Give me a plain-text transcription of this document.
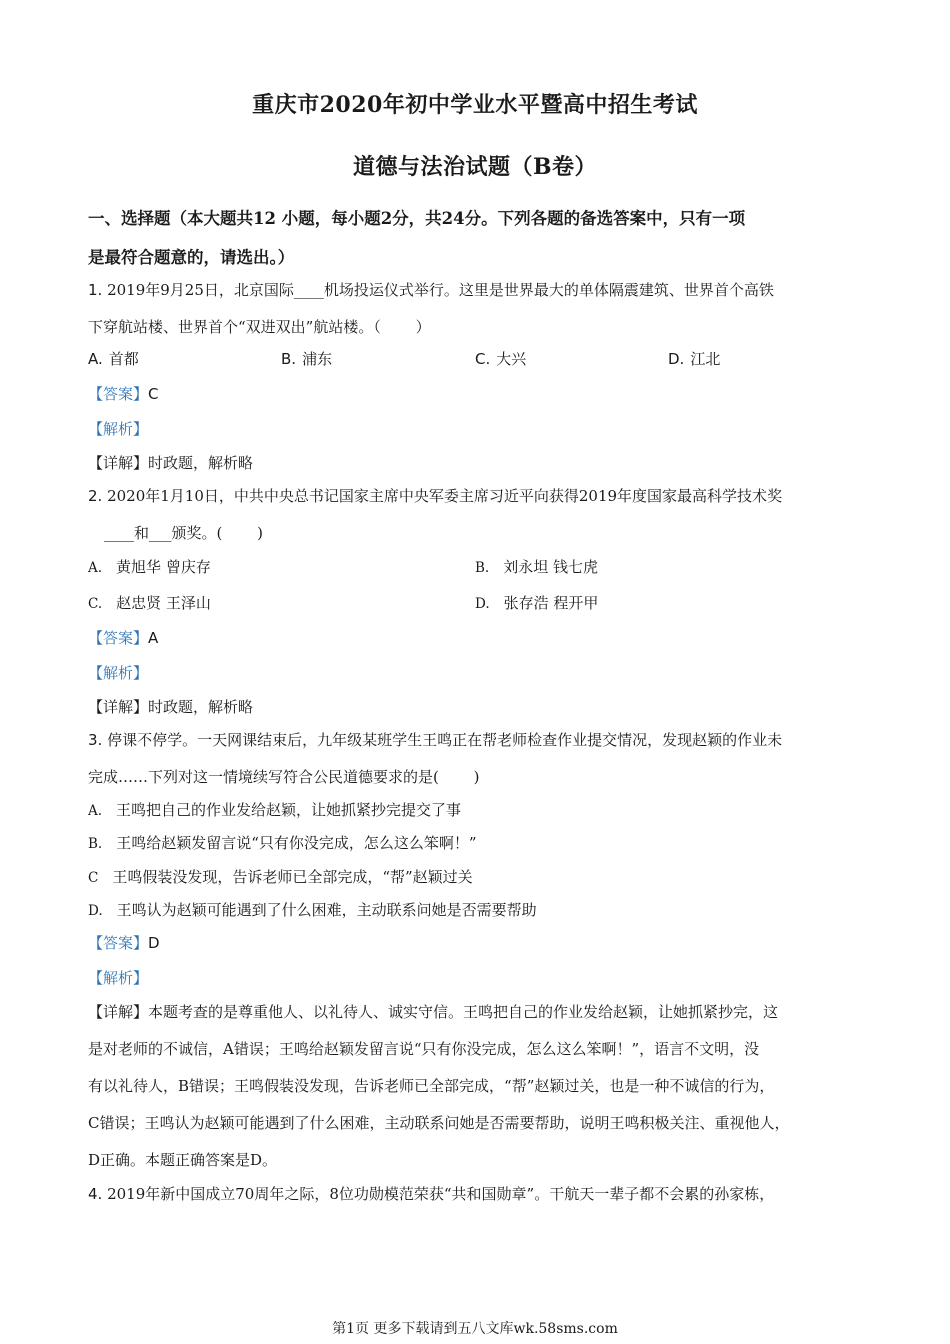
重庆市2020年初中学业水平暨高中招生考试
道德与法治试题（B卷）
一、选择题（本大题共12 小题，每小题2分，共24分。下列各题的备选答案中，只有一项
是最符合题意的，请选出。）
1. 2019年9月25日，北京国际____机场投运仪式举行。这里是世界最大的单体隔震建筑、世界首个高铁
下穿航站楼、世界首个“双进双出”航站楼。（　　 ）
A. 首都	B. 浦东	C. 大兴	D. 江北
【答案】C
【解析】
【详解】时政题，解析略
2. 2020年1月10日，中共中央总书记国家主席中央军委主席习近平向获得2019年度国家最高科学技术奖
____和___颁奖。(　　 )
A. 黄旭华 曾庆存	B. 刘永坦 钱七虎
C. 赵忠贤 王泽山	D. 张存浩 程开甲
【答案】A
【解析】
【详解】时政题，解析略
3. 停课不停学。一天网课结束后，九年级某班学生王鸣正在帮老师检查作业提交情况，发现赵颖的作业未
完成……下列对这一情境续写符合公民道德要求的是(　　 )
A. 王鸣把自己的作业发给赵颖，让她抓紧抄完提交了事
B. 王鸣给赵颖发留言说“只有你没完成，怎么这么笨啊！”
C 王鸣假装没发现，告诉老师已全部完成，“帮”赵颖过关
D. 王鸣认为赵颖可能遇到了什么困难，主动联系问她是否需要帮助
【答案】D
【解析】
【详解】本题考查的是尊重他人、以礼待人、诚实守信。王鸣把自己的作业发给赵颖，让她抓紧抄完，这
是对老师的不诚信，A错误；王鸣给赵颖发留言说“只有你没完成，怎么这么笨啊！”，语言不文明，没
有以礼待人，B错误；王鸣假装没发现，告诉老师已全部完成，“帮”赵颖过关，也是一种不诚信的行为，
C错误；王鸣认为赵颖可能遇到了什么困难，主动联系问她是否需要帮助，说明王鸣积极关注、重视他人，
D正确。本题正确答案是D。
4. 2019年新中国成立70周年之际，8位功勋模范荣获“共和国勋章”。干航天一辈子都不会累的孙家栋，
第1页 更多下载请到五八文库wk.58sms.com
